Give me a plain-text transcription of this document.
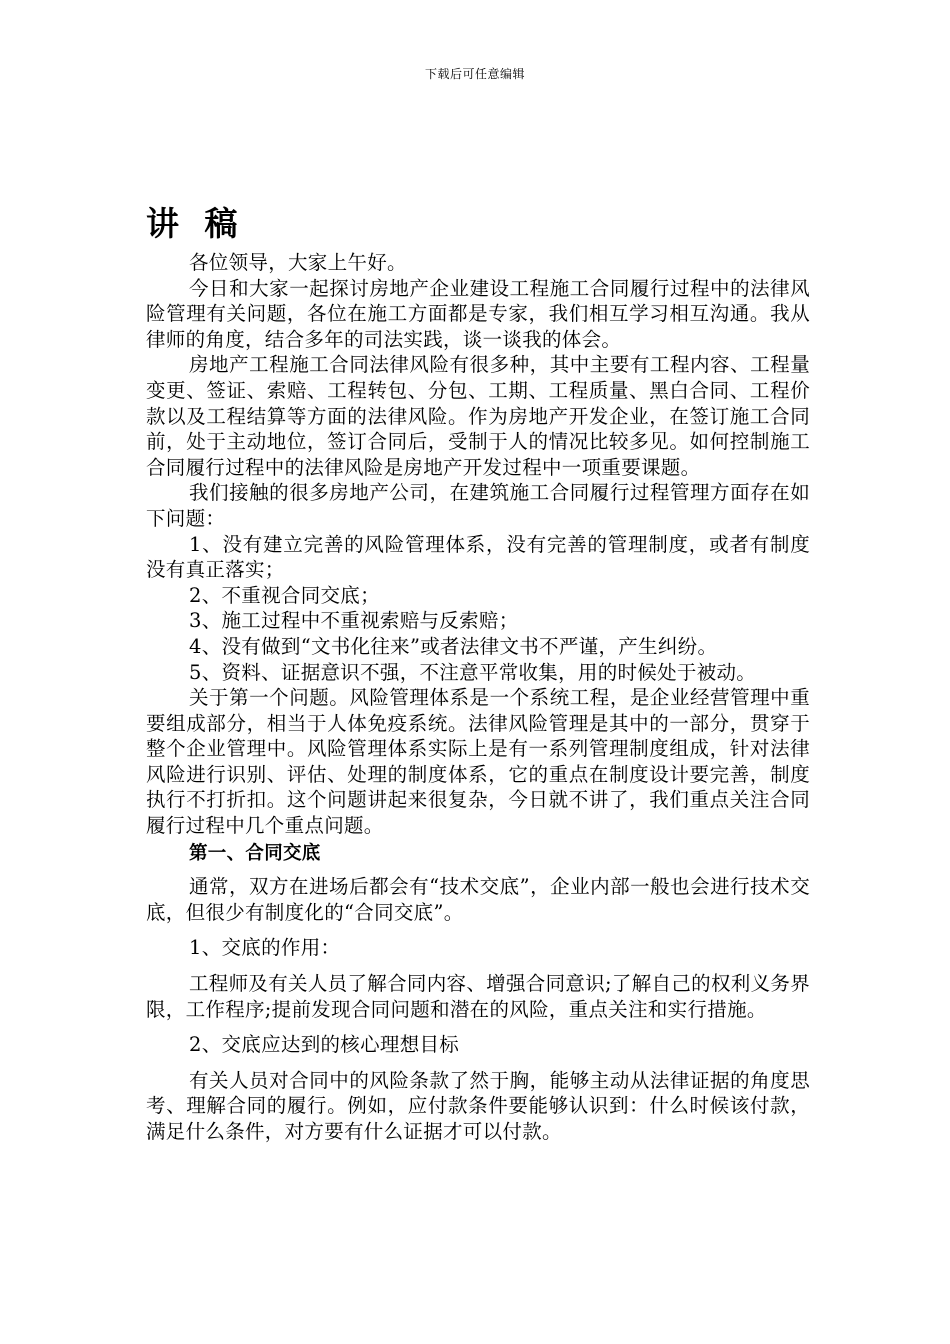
下载后可任意编辑
讲 稿

各位领导，大家上午好。

今日和大家一起探讨房地产企业建设工程施工合同履行过程中的法律风险管理有关问题，各位在施工方面都是专家，我们相互学习相互沟通。我从律师的角度，结合多年的司法实践，谈一谈我的体会。

房地产工程施工合同法律风险有很多种，其中主要有工程内容、工程量变更、签证、索赔、工程转包、分包、工期、工程质量、黑白合同、工程价款以及工程结算等方面的法律风险。作为房地产开发企业，在签订施工合同前，处于主动地位，签订合同后，受制于人的情况比较多见。如何控制施工合同履行过程中的法律风险是房地产开发过程中一项重要课题。

我们接触的很多房地产公司，在建筑施工合同履行过程管理方面存在如下问题：

1、没有建立完善的风险管理体系，没有完善的管理制度，或者有制度没有真正落实；

2、不重视合同交底；

3、施工过程中不重视索赔与反索赔；

4、没有做到“文书化往来”或者法律文书不严谨，产生纠纷。

5、资料、证据意识不强，不注意平常收集，用的时候处于被动。

关于第一个问题。风险管理体系是一个系统工程，是企业经营管理中重要组成部分，相当于人体免疫系统。法律风险管理是其中的一部分，贯穿于整个企业管理中。风险管理体系实际上是有一系列管理制度组成，针对法律风险进行识别、评估、处理的制度体系，它的重点在制度设计要完善，制度执行不打折扣。这个问题讲起来很复杂，今日就不讲了，我们重点关注合同履行过程中几个重点问题。

第一、合同交底

通常，双方在进场后都会有“技术交底”，企业内部一般也会进行技术交底，但很少有制度化的“合同交底”。

1、交底的作用：

工程师及有关人员了解合同内容、增强合同意识;了解自己的权利义务界限，工作程序;提前发现合同问题和潜在的风险，重点关注和实行措施。

2、交底应达到的核心理想目标

有关人员对合同中的风险条款了然于胸，能够主动从法律证据的角度思考、理解合同的履行。例如，应付款条件要能够认识到：什么时候该付款，满足什么条件，对方要有什么证据才可以付款。
